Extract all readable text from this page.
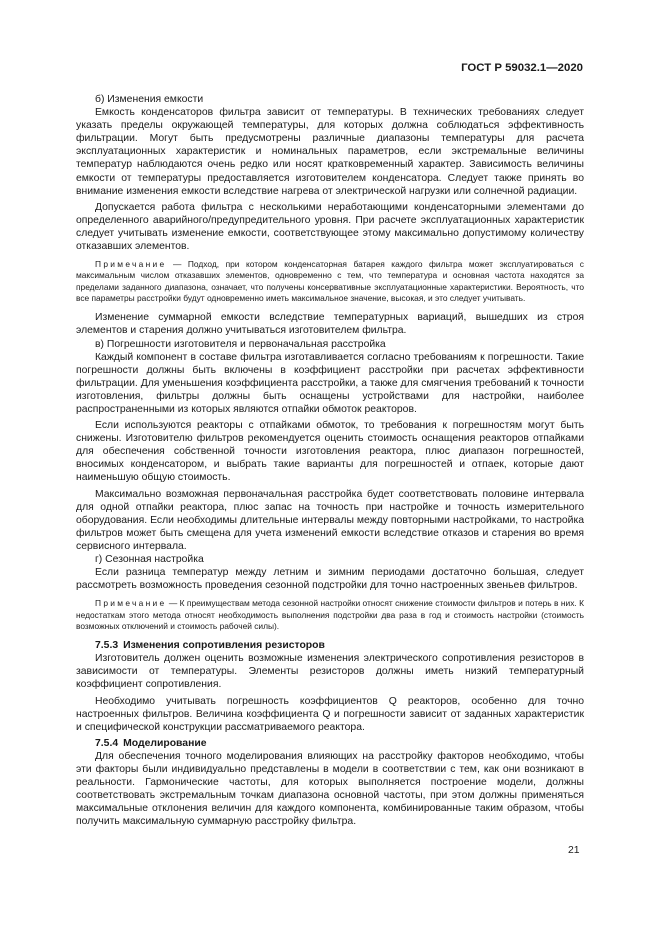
ГОСТ Р 59032.1—2020

б) Изменения емкости

Емкость конденсаторов фильтра зависит от температуры. В технических требованиях следует указать пределы окружающей температуры, для которых должна соблюдаться эффективность фильтрации. Могут быть предусмотрены различные диапазоны температуры для расчета эксплуатационных характеристик и номинальных параметров, если экстремальные величины температур наблюдаются очень редко или носят кратковременный характер. Зависимость величины емкости от температуры предоставляется изготовителем конденсатора. Следует также принять во внимание изменения емкости вследствие нагрева от электрической нагрузки или солнечной радиации.

Допускается работа фильтра с несколькими неработающими конденсаторными элементами до определенного аварийного/предупредительного уровня. При расчете эксплуатационных характеристик следует учитывать изменение емкости, соответствующее этому максимально допустимому количеству отказавших элементов.

Примечание — Подход, при котором конденсаторная батарея каждого фильтра может эксплуатироваться с максимальным числом отказавших элементов, одновременно с тем, что температура и основная частота находятся за пределами заданного диапазона, означает, что получены консервативные эксплуатационные характеристики. Вероятность, что все параметры расстройки будут одновременно иметь максимальное значение, высокая, и это следует учитывать.

Изменение суммарной емкости вследствие температурных вариаций, вышедших из строя элементов и старения должно учитываться изготовителем фильтра.

в) Погрешности изготовителя и первоначальная расстройка

Каждый компонент в составе фильтра изготавливается согласно требованиям к погрешности. Такие погрешности должны быть включены в коэффициент расстройки при расчетах эффективности фильтрации. Для уменьшения коэффициента расстройки, а также для смягчения требований к точности изготовления, фильтры должны быть оснащены устройствами для настройки, наиболее распространенными из которых являются отпайки обмоток реакторов.

Если используются реакторы с отпайками обмоток, то требования к погрешностям могут быть снижены. Изготовителю фильтров рекомендуется оценить стоимость оснащения реакторов отпайками для обеспечения собственной точности изготовления реактора, плюс диапазон погрешностей, вносимых конденсатором, и выбрать такие варианты для погрешностей и отпаек, которые дают наименьшую общую стоимость.

Максимально возможная первоначальная расстройка будет соответствовать половине интервала для одной отпайки реактора, плюс запас на точность при настройке и точность измерительного оборудования. Если необходимы длительные интервалы между повторными настройками, то настройка фильтров может быть смещена для учета изменений емкости вследствие отказов и старения во время сервисного интервала.

г) Сезонная настройка

Если разница температур между летним и зимним периодами достаточно большая, следует рассмотреть возможность проведения сезонной подстройки для точно настроенных звеньев фильтров.

Примечание — К преимуществам метода сезонной настройки относят снижение стоимости фильтров и потерь в них. К недостаткам этого метода относят необходимость выполнения подстройки два раза в год и стоимость настройки (стоимость возможных отключений и стоимость рабочей силы).

7.5.3 Изменения сопротивления резисторов

Изготовитель должен оценить возможные изменения электрического сопротивления резисторов в зависимости от температуры. Элементы резисторов должны иметь низкий температурный коэффициент сопротивления.

Необходимо учитывать погрешность коэффициентов Q реакторов, особенно для точно настроенных фильтров. Величина коэффициента Q и погрешности зависит от заданных характеристик и специфической конструкции рассматриваемого реактора.

7.5.4 Моделирование

Для обеспечения точного моделирования влияющих на расстройку факторов необходимо, чтобы эти факторы были индивидуально представлены в модели в соответствии с тем, как они возникают в реальности. Гармонические частоты, для которых выполняется построение модели, должны соответствовать экстремальным точкам диапазона основной частоты, при этом должны применяться максимальные отклонения величин для каждого компонента, комбинированные таким образом, чтобы получить максимальную суммарную расстройку фильтра.

21
